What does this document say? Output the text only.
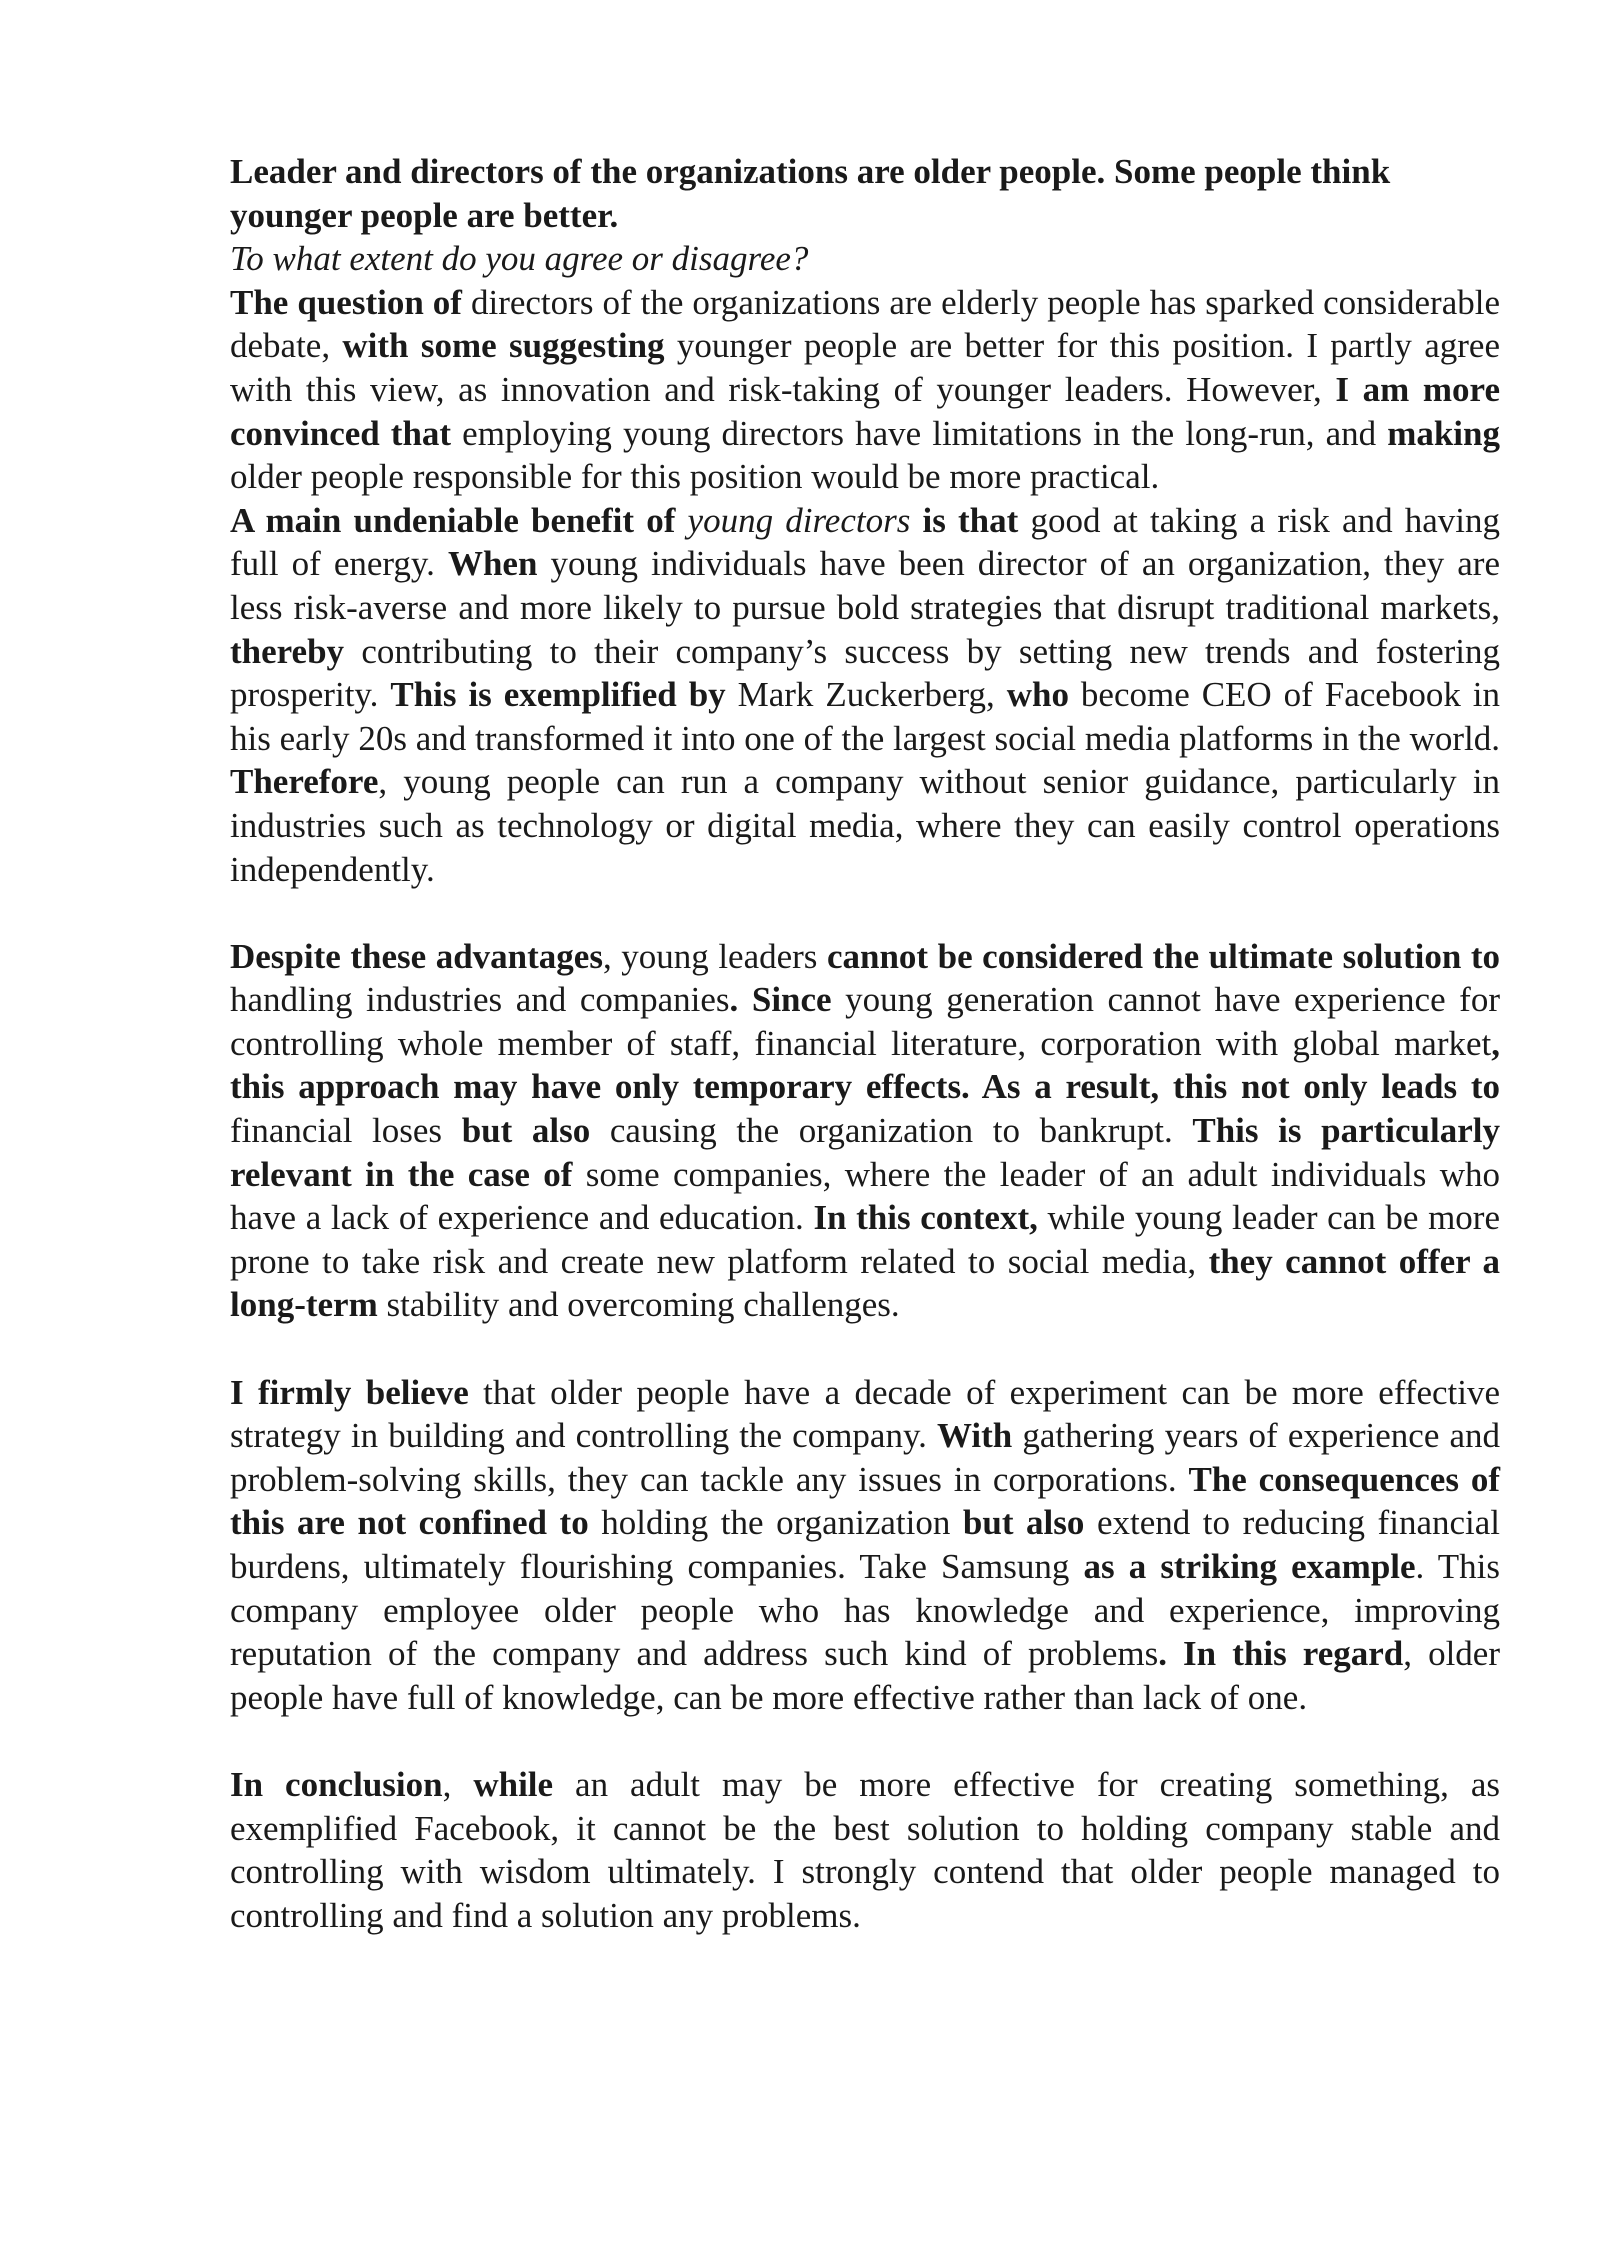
Leader and directors of the organizations are older people. Some people think younger people are better.

To what extent do you agree or disagree?

The question of directors of the organizations are elderly people has sparked considerable debate, with some suggesting younger people are better for this position. I partly agree with this view, as innovation and risk-taking of younger leaders. However, I am more convinced that employing young directors have limitations in the long-run, and making older people responsible for this position would be more practical.

A main undeniable benefit of young directors is that good at taking a risk and having full of energy. When young individuals have been director of an organization, they are less risk-averse and more likely to pursue bold strategies that disrupt traditional markets, thereby contributing to their company’s success by setting new trends and fostering prosperity. This is exemplified by Mark Zuckerberg, who become CEO of Facebook in his early 20s and transformed it into one of the largest social media platforms in the world. Therefore, young people can run a company without senior guidance, particularly in industries such as technology or digital media, where they can easily control operations independently.

Despite these advantages, young leaders cannot be considered the ultimate solution to handling industries and companies. Since young generation cannot have experience for controlling whole member of staff, financial literature, corporation with global market, this approach may have only temporary effects. As a result, this not only leads to financial loses but also causing the organization to bankrupt. This is particularly relevant in the case of some companies, where the leader of an adult individuals who have a lack of experience and education. In this context, while young leader can be more prone to take risk and create new platform related to social media, they cannot offer a long-term stability and overcoming challenges.

I firmly believe that older people have a decade of experiment can be more effective strategy in building and controlling the company. With gathering years of experience and problem-solving skills, they can tackle any issues in corporations. The consequences of this are not confined to holding the organization but also extend to reducing financial burdens, ultimately flourishing companies. Take Samsung as a striking example. This company employee older people who has knowledge and experience, improving reputation of the company and address such kind of problems. In this regard, older people have full of knowledge, can be more effective rather than lack of one.

In conclusion, while an adult may be more effective for creating something, as exemplified Facebook, it cannot be the best solution to holding company stable and controlling with wisdom ultimately. I strongly contend that older people managed to controlling and find a solution any problems.
